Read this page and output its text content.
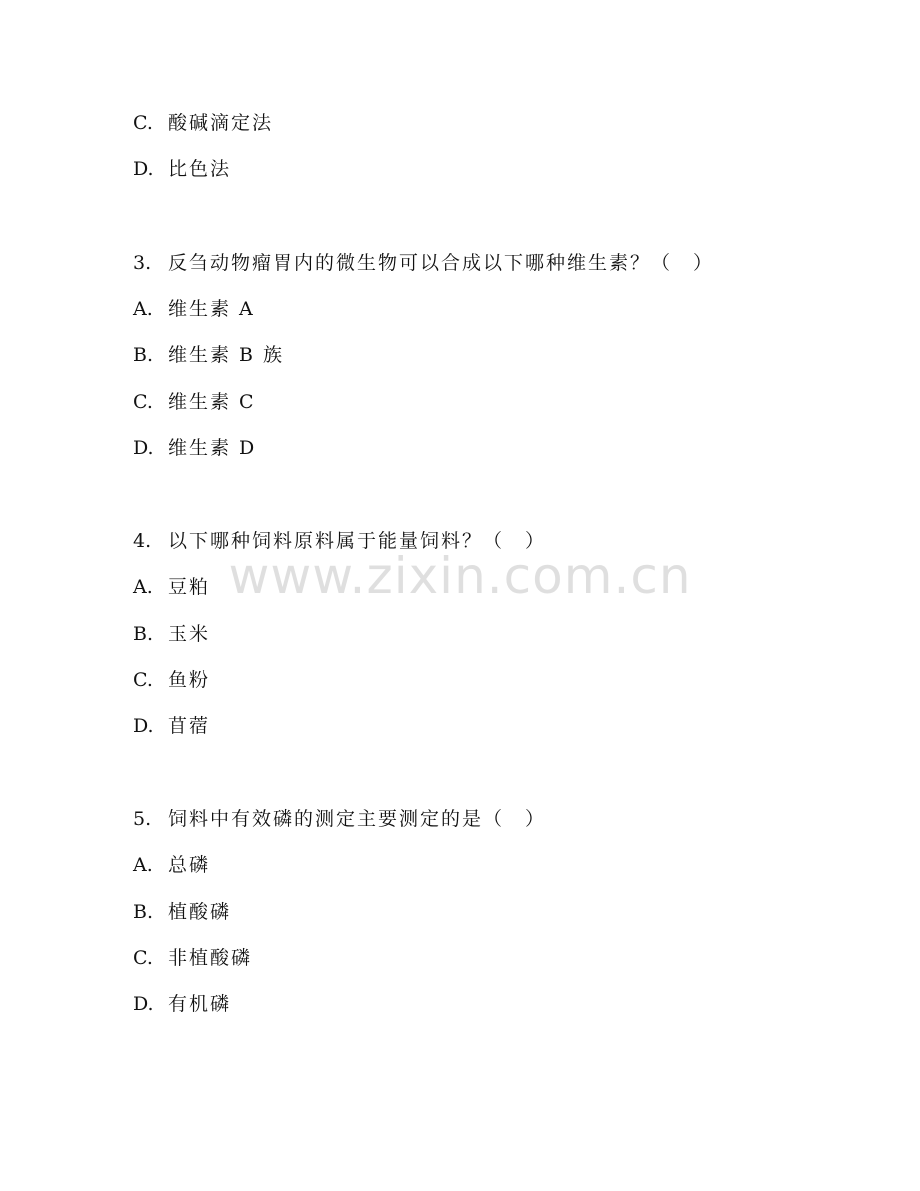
C. 酸碱滴定法
D. 比色法
3. 反刍动物瘤胃内的微生物可以合成以下哪种维生素？（　）
A. 维生素 A
B. 维生素 B 族
C. 维生素 C
D. 维生素 D
4. 以下哪种饲料原料属于能量饲料？（　）
A. 豆粕
B. 玉米
C. 鱼粉
D. 苜蓿
5. 饲料中有效磷的测定主要测定的是（　）
A. 总磷
B. 植酸磷
C. 非植酸磷
D. 有机磷
www.zixin.com.cn
